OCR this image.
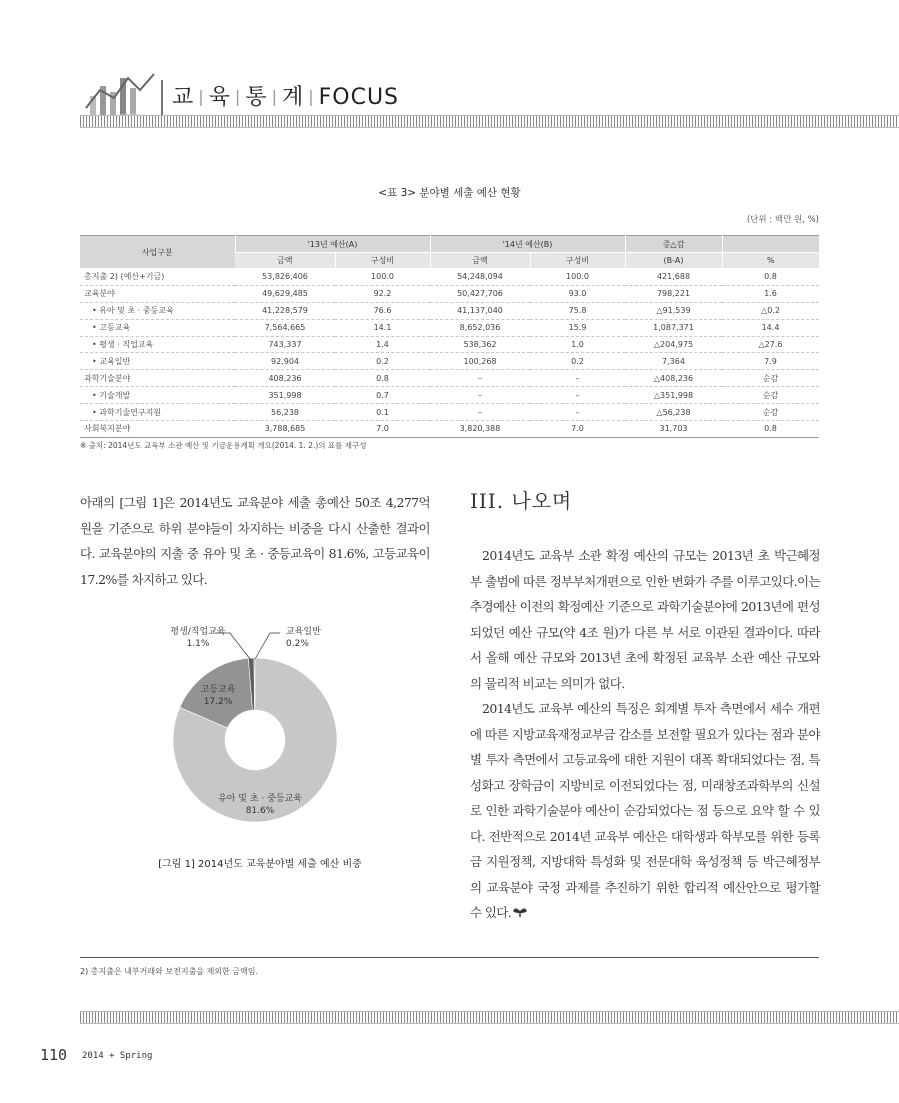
교 | 육 | 통 | 계 | FOCUS
<표 3> 분야별 세출 예산 현황
(단위 : 백만 원, %)
사업구분	'13년 예산(A)		'14년 예산(B)		증△감	
	금액	구성비	금액	구성비	(B-A)	%
총지출 2) (예산+기금)	53,826,406	100.0	54,248,094	100.0	421,688	0.8
교육분야	49,629,485	92.2	50,427,706	93.0	798,221	1.6
• 유아 및 초 · 중등교육	41,228,579	76.6	41,137,040	75.8	△91,539	△0.2
• 고등교육	7,564,665	14.1	8,652,036	15.9	1,087,371	14.4
• 평생 · 직업교육	743,337	1.4	538,362	1.0	△204,975	△27.6
• 교육일반	92,904	0.2	100,268	0.2	7,364	7.9
과학기술분야	408,236	0.8	–	–	△408,236	순감
• 기술개발	351,998	0.7	–	–	△351,998	순감
• 과학기술연구지원	56,238	0.1	–	–	△56,238	순감
사회복지분야	3,788,685	7.0	3,820,388	7.0	31,703	0.8
※ 출처: 2014년도 교육부 소관 예산 및 기금운용계획 개요(2014. 1. 2.)의 표를 재구성
아래의 [그림 1]은 2014년도 교육분야 세출 총예산 50조 4,277억 원을 기준으로 하위 분야들이 차지하는 비중을 다시 산출한 결과이다. 교육분야의 지출 중 유아 및 초 · 중등교육이 81.6%, 고등교육이 17.2%를 차지하고 있다.
유아 및 초 · 중등교육
81.6%
고등교육
17.2%
평생/직업교육
1.1%
교육일반
0.2%
[그림 1] 2014년도 교육분야별 세출 예산 비중
III. 나오며
2014년도 교육부 소관 확정 예산의 규모는 2013년 초 박근혜정부 출범에 따른 정부부처개편으로 인한 변화가 주를 이루고있다.이는 추경예산 이전의 확정예산 기준으로 과학기술분야에 2013년에 편성되었던 예산 규모(약 4조 원)가 다른 부 서로 이관된 결과이다. 따라서 올해 예산 규모와 2013년 초에 확정된 교육부 소관 예산 규모와의 물리적 비교는 의미가 없다.
2014년도 교육부 예산의 특징은 회계별 투자 측면에서 세수 개편에 따른 지방교육재정교부금 감소를 보전할 필요가 있다는 점과 분야별 투자 측면에서 고등교육에 대한 지원이 대폭 확대되었다는 점, 특성화고 장학금이 지방비로 이전되었다는 점, 미래창조과학부의 신설로 인한 과학기술분야 예산이 순감되었다는 점 등으로 요약 할 수 있다. 전반적으로 2014년 교육부 예산은 대학생과 학부모를 위한 등록금 지원정책, 지방대학 특성화 및 전문대학 육성정책 등 박근혜정부의 교육분야 국정 과제를 추진하기 위한 합리적 예산안으로 평가할 수 있다.
2) 총지출은 내부거래와 보전지출을 제외한 금액임.
110 2014 + Spring
